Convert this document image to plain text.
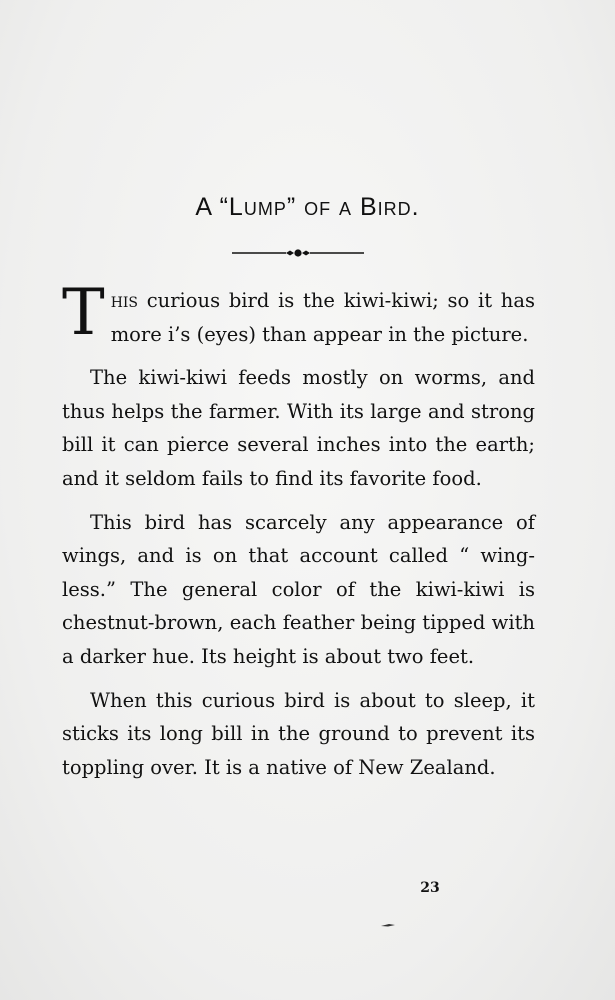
A “Lump” of a Bird.

This curious bird is the kiwi-kiwi; so it has more i’s (eyes) than appear in the picture.

The kiwi-kiwi feeds mostly on worms, and thus helps the farmer. With its large and strong bill it can pierce several inches into the earth; and it seldom fails to find its favorite food.

This bird has scarcely any appearance of wings, and is on that account called “ wingless.” The general color of the kiwi-kiwi is chestnut-brown, each feather being tipped with a darker hue. Its height is about two feet.

When this curious bird is about to sleep, it sticks its long bill in the ground to prevent its toppling over. It is a native of New Zealand.

23
